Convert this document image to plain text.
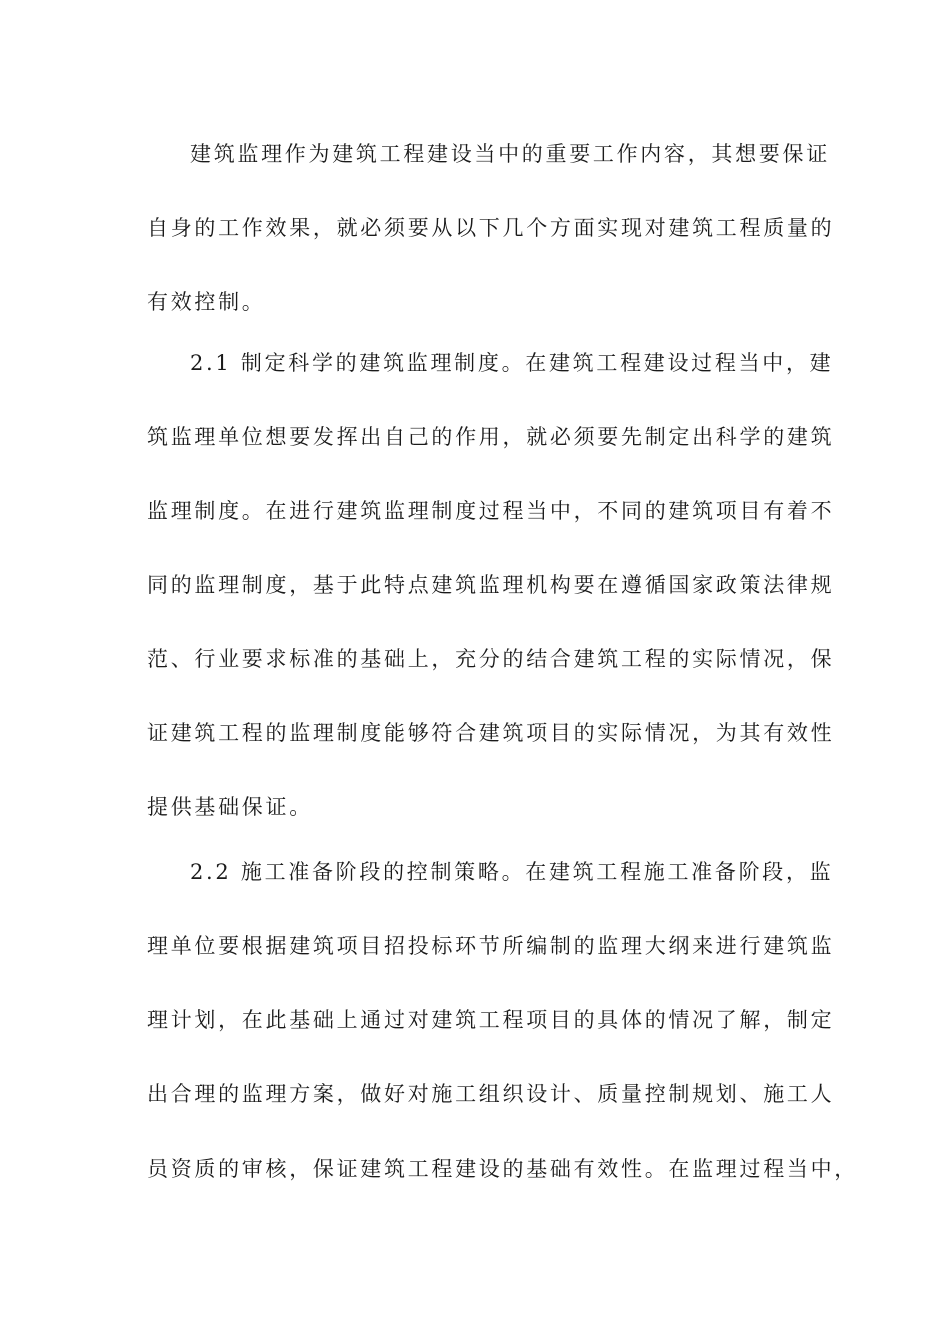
建筑监理作为建筑工程建设当中的重要工作内容，其想要保证
自身的工作效果，就必须要从以下几个方面实现对建筑工程质量的
有效控制。
2.1 制定科学的建筑监理制度。在建筑工程建设过程当中，建
筑监理单位想要发挥出自己的作用，就必须要先制定出科学的建筑
监理制度。在进行建筑监理制度过程当中，不同的建筑项目有着不
同的监理制度，基于此特点建筑监理机构要在遵循国家政策法律规
范、行业要求标准的基础上，充分的结合建筑工程的实际情况，保
证建筑工程的监理制度能够符合建筑项目的实际情况，为其有效性
提供基础保证。
2.2 施工准备阶段的控制策略。在建筑工程施工准备阶段，监
理单位要根据建筑项目招投标环节所编制的监理大纲来进行建筑监
理计划，在此基础上通过对建筑工程项目的具体的情况了解，制定
出合理的监理方案，做好对施工组织设计、质量控制规划、施工人
员资质的审核，保证建筑工程建设的基础有效性。在监理过程当中，
